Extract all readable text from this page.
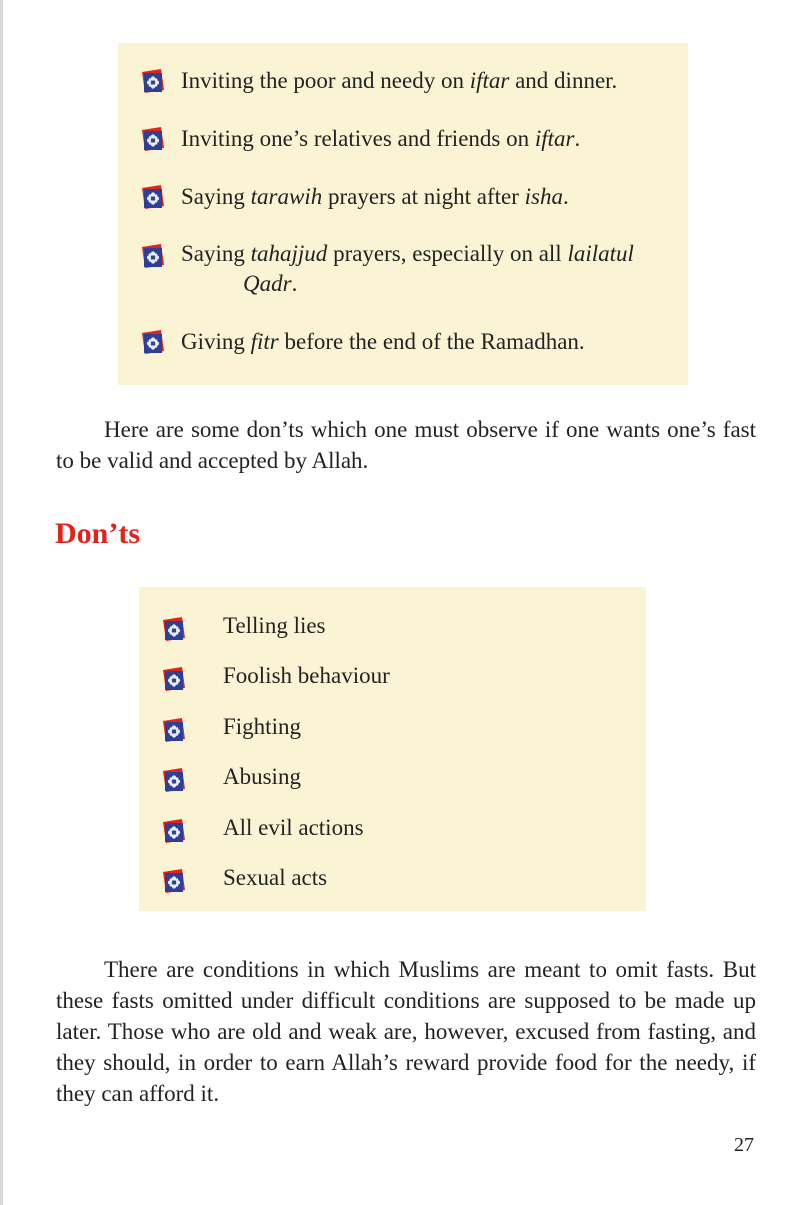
Inviting the poor and needy on iftar and dinner.
Inviting one’s relatives and friends on iftar.
Saying tarawih prayers at night after isha.
Saying tahajjud prayers, especially on all lailatul
Qadr.
Giving fitr before the end of the Ramadhan.

Here are some don’ts which one must observe if one wants one’s fast to be valid and accepted by Allah.

Don’ts
Telling lies
Foolish behaviour
Fighting
Abusing
All evil actions
Sexual acts

There are conditions in which Muslims are meant to omit fasts. But these fasts omitted under difficult conditions are supposed to be made up later. Those who are old and weak are, however, excused from fasting, and they should, in order to earn Allah’s reward provide food for the needy, if they can afford it.

27
